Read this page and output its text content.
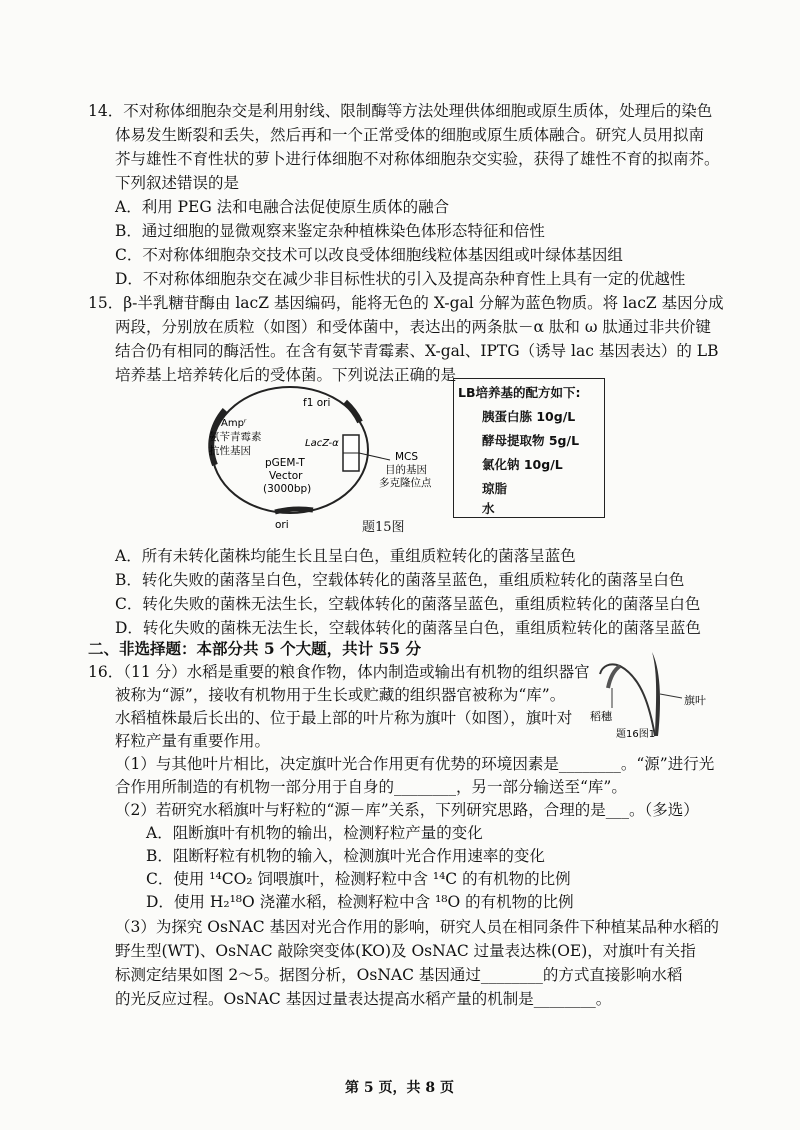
14．不对称体细胞杂交是利用射线、限制酶等方法处理供体细胞或原生质体，处理后的染色
体易发生断裂和丢失，然后再和一个正常受体的细胞或原生质体融合。研究人员用拟南
芥与雄性不育性状的萝卜进行体细胞不对称体细胞杂交实验，获得了雄性不育的拟南芥。
下列叙述错误的是
A．利用 PEG 法和电融合法促使原生质体的融合
B．通过细胞的显微观察来鉴定杂种植株染色体形态特征和倍性
C．不对称体细胞杂交技术可以改良受体细胞线粒体基因组或叶绿体基因组
D．不对称体细胞杂交在减少非目标性状的引入及提高杂种育性上具有一定的优越性
15．β-半乳糖苷酶由 lacZ 基因编码，能将无色的 X-gal 分解为蓝色物质。将 lacZ 基因分成
两段，分别放在质粒（如图）和受体菌中，表达出的两条肽－α 肽和 ω 肽通过非共价键
结合仍有相同的酶活性。在含有氨苄青霉素、X-gal、IPTG（诱导 lac 基因表达）的 LB
培养基上培养转化后的受体菌。下列说法正确的是
Ampʳ
氨苄青霉素
抗性基因
f1 ori
LacZ-α
pGEM-T
Vector
(3000bp)
ori
MCS
目的基因
多克隆位点
题15图
LB培养基的配方如下:
胰蛋白胨 10g/L
酵母提取物 5g/L
氯化钠 10g/L
琼脂
水
A．所有未转化菌株均能生长且呈白色，重组质粒转化的菌落呈蓝色
B．转化失败的菌落呈白色，空载体转化的菌落呈蓝色，重组质粒转化的菌落呈白色
C．转化失败的菌株无法生长，空载体转化的菌落呈蓝色，重组质粒转化的菌落呈白色
D．转化失败的菌株无法生长，空载体转化的菌落呈白色，重组质粒转化的菌落呈蓝色
二、非选择题：本部分共 5 个大题，共计 55 分
16．（11 分）水稻是重要的粮食作物，体内制造或输出有机物的组织器官
被称为“源”，接收有机物用于生长或贮藏的组织器官被称为“库”。
水稻植株最后长出的、位于最上部的叶片称为旗叶（如图），旗叶对
籽粒产量有重要作用。
稻穗
旗叶
题16图1
（1）与其他叶片相比，决定旗叶光合作用更有优势的环境因素是________。“源”进行光
合作用所制造的有机物一部分用于自身的________，另一部分输送至“库”。
（2）若研究水稻旗叶与籽粒的“源－库”关系，下列研究思路，合理的是___。（多选）
A．阻断旗叶有机物的输出，检测籽粒产量的变化
B．阻断籽粒有机物的输入，检测旗叶光合作用速率的变化
C．使用 ¹⁴CO₂ 饲喂旗叶，检测籽粒中含 ¹⁴C 的有机物的比例
D．使用 H₂¹⁸O 浇灌水稻，检测籽粒中含 ¹⁸O 的有机物的比例
（3）为探究 OsNAC 基因对光合作用的影响，研究人员在相同条件下种植某品种水稻的
野生型(WT)、OsNAC 敲除突变体(KO)及 OsNAC 过量表达株(OE)，对旗叶有关指
标测定结果如图 2～5。据图分析，OsNAC 基因通过________的方式直接影响水稻
的光反应过程。OsNAC 基因过量表达提高水稻产量的机制是________。
第 5 页，共 8 页
